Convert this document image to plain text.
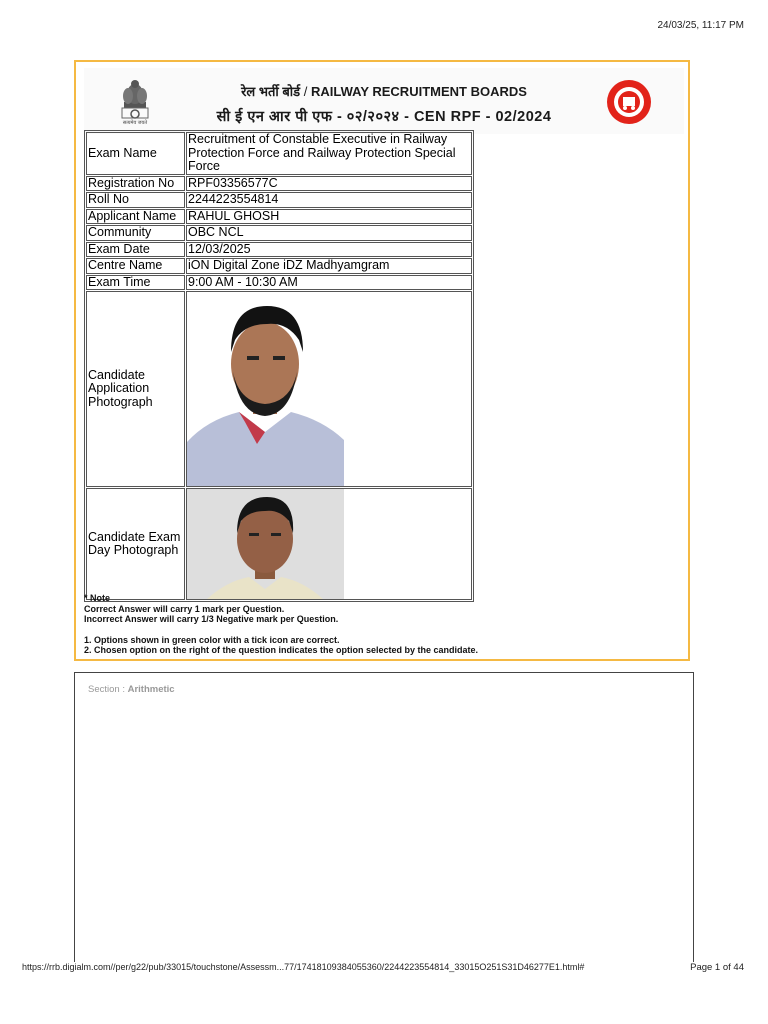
24/03/25, 11:17 PM
सत्यमेव जयते
रेल भर्ती बोर्ड / RAILWAY RECRUITMENT BOARDS
सी ई एन आर पी एफ - ०२/२०२४ - CEN RPF - 02/2024
Exam Name	Recruitment of Constable Executive in Railway Protection Force and Railway Protection Special Force
Registration No	RPF03356577C
Roll No	2244223554814
Applicant Name	RAHUL GHOSH
Community	OBC NCL
Exam Date	12/03/2025
Centre Name	iON Digital Zone iDZ Madhyamgram
Exam Time	9:00 AM - 10:30 AM
Candidate Application Photograph	

Candidate Exam Day Photograph	
* Note
Correct Answer will carry 1 mark per Question.
Incorrect Answer will carry 1/3 Negative mark per Question.
1. Options shown in green color with a tick icon are correct.
2. Chosen option on the right of the question indicates the option selected by the candidate.
Section : Arithmetic
https://rrb.digialm.com//per/g22/pub/33015/touchstone/Assessm...77/17418109384055360/2244223554814_33015O251S31D46277E1.html#	Page 1 of 44
